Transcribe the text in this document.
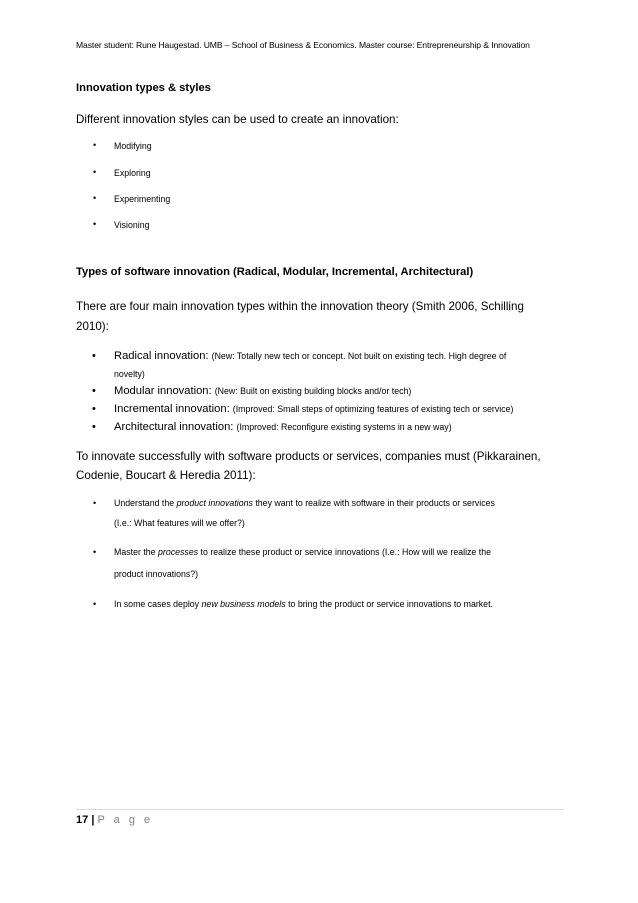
Master student: Rune Haugestad. UMB – School of Business & Economics. Master course: Entrepreneurship & Innovation
Innovation types & styles
Different innovation styles can be used to create an innovation:
• Modifying
• Exploring
• Experimenting
• Visioning
Types of software innovation (Radical, Modular, Incremental, Architectural)
There are four main innovation types within the innovation theory (Smith 2006, Schilling
2010):
• Radical innovation: (New: Totally new tech or concept. Not built on existing tech. High degree of
novelty)
• Modular innovation: (New: Built on existing building blocks and/or tech)
• Incremental innovation: (Improved: Small steps of optimizing features of existing tech or service)
• Architectural innovation: (Improved: Reconfigure existing systems in a new way)
To innovate successfully with software products or services, companies must (Pikkarainen,
Codenie, Boucart & Heredia 2011):
• Understand the product innovations they want to realize with software in their products or services
(I.e.: What features will we offer?)
• Master the processes to realize these product or service innovations (I.e.: How will we realize the
product innovations?)
• In some cases deploy new business models to bring the product or service innovations to market.
17 | P a g e
